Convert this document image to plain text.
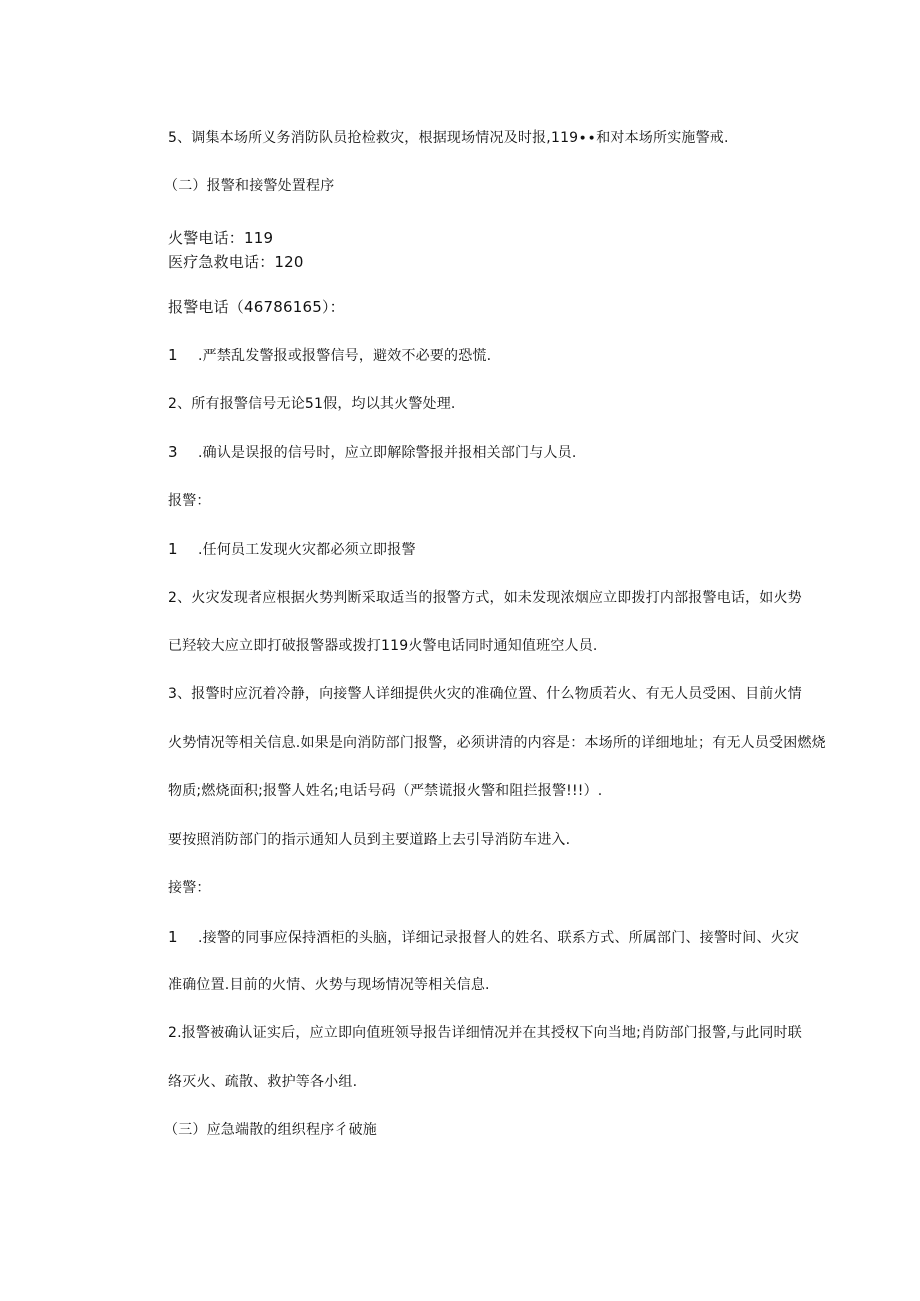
5、调集本场所义务消防队员抢检救灾，根据现场情况及时报,119∙∙和对本场所实施警戒.
（二）报警和接警处置程序
火警电话：119
医疗急救电话：120
报警电话（46786165）：
1 .严禁乱发警报或报警信号，避效不必要的恐慌.
2、所有报警信号无论51假，均以其火警处理.
3 .确认是误报的信号时，应立即解除警报并报相关部门与人员.
报警：
1 .任何员工发现火灾都必须立即报警
2、火灾发现者应根据火势判断采取适当的报警方式，如未发现浓烟应立即拨打内部报警电话，如火势
已羟较大应立即打破报警器或拨打119火警电话同时通知值班空人员.
3、报警时应沉着冷静，向接警人详细提供火灾的准确位置、什么物质若火、有无人员受困、目前火情
火势情况等相关信息.如果是向消防部门报警，必须讲清的内容是：本场所的详细地址；有无人员受困燃烧
物质;燃烧面积;报警人姓名;电话号码（严禁谎报火警和阻拦报警!!!）.
要按照消防部门的指示通知人员到主要道路上去引导消防车进入.
接警：
1 .接警的同事应保持酒柜的头脑，详细记录报督人的姓名、联系方式、所属部门、接警时间、火灾
准确位置.目前的火情、火势与现场情况等相关信息.
2.报警被确认证实后，应立即向值班领导报告详细情况并在其授权下向当地;肖防部门报警,与此同时联
络灭火、疏散、救护等各小组.
（三）应急端散的组织程序彳破施
